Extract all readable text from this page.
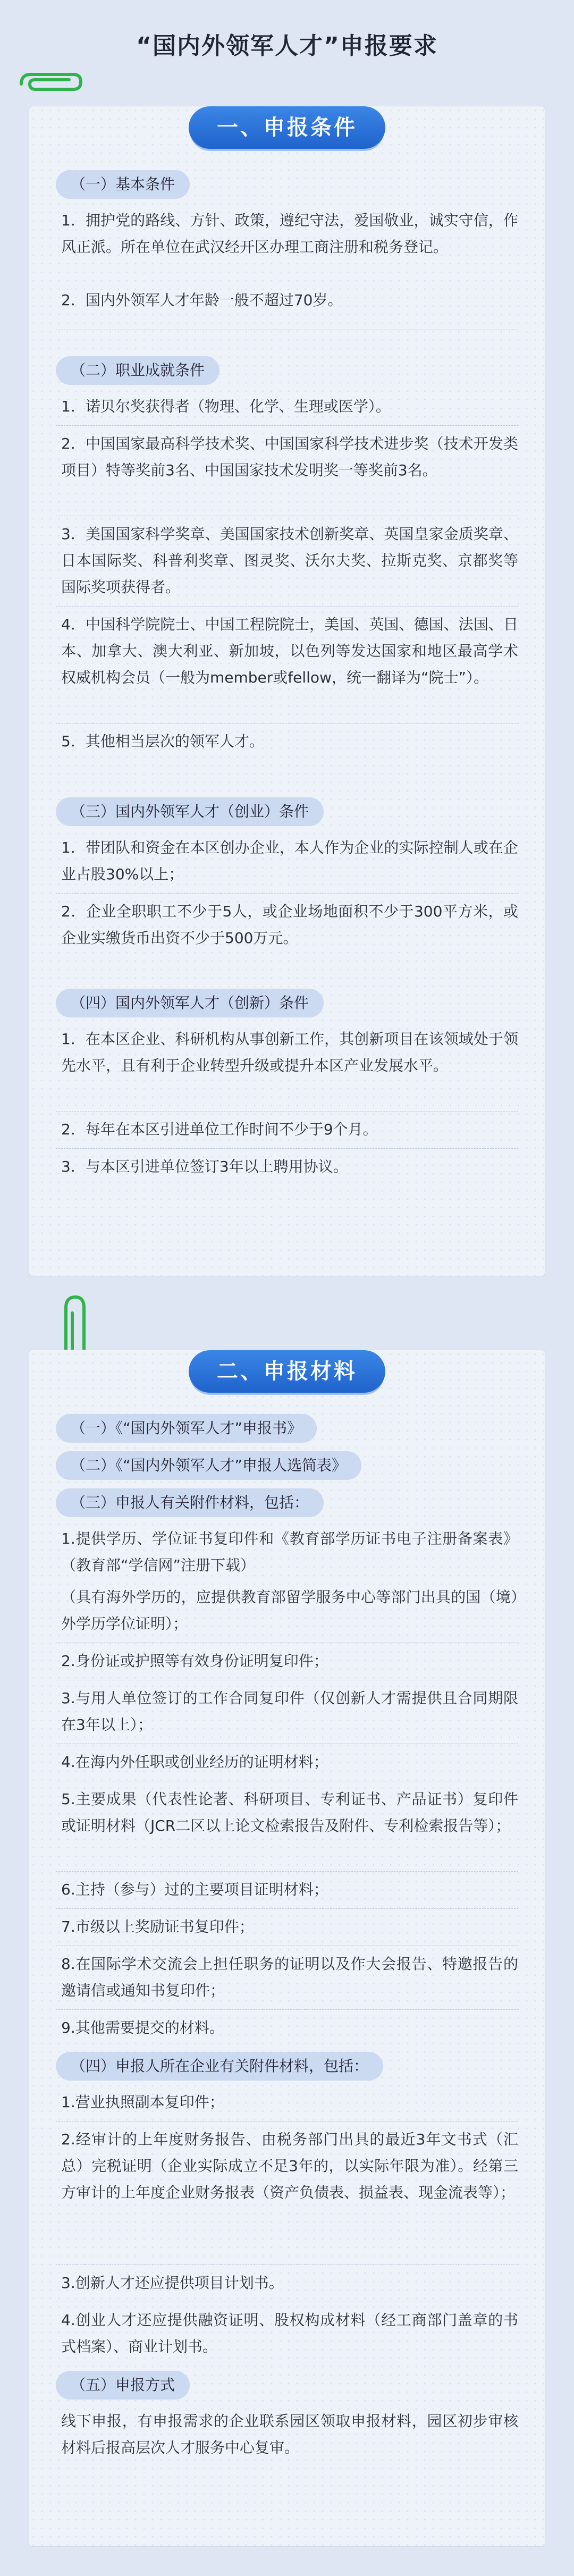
“国内外领军人才”申报要求
一、申报条件
（一）基本条件
1．拥护党的路线、方针、政策，遵纪守法，爱国敬业，诚实守信，作风正派。所在单位在武汉经开区办理工商注册和税务登记。
2．国内外领军人才年龄一般不超过70岁。
（二）职业成就条件
1．诺贝尔奖获得者（物理、化学、生理或医学）。
2．中国国家最高科学技术奖、中国国家科学技术进步奖（技术开发类项目）特等奖前3名、中国国家技术发明奖一等奖前3名。
3．美国国家科学奖章、美国国家技术创新奖章、英国皇家金质奖章、日本国际奖、科普利奖章、图灵奖、沃尔夫奖、拉斯克奖、京都奖等国际奖项获得者。
4．中国科学院院士、中国工程院院士，美国、英国、德国、法国、日本、加拿大、澳大利亚、新加坡，以色列等发达国家和地区最高学术权威机构会员（一般为member或fellow，统一翻译为“院士”）。
5．其他相当层次的领军人才。
（三）国内外领军人才（创业）条件
1．带团队和资金在本区创办企业，本人作为企业的实际控制人或在企业占股30%以上；
2．企业全职职工不少于5人，或企业场地面积不少于300平方米，或企业实缴货币出资不少于500万元。
（四）国内外领军人才（创新）条件
1．在本区企业、科研机构从事创新工作，其创新项目在该领域处于领先水平，且有利于企业转型升级或提升本区产业发展水平。
2．每年在本区引进单位工作时间不少于9个月。
3．与本区引进单位签订3年以上聘用协议。
二、申报材料
（一）《“国内外领军人才”申报书》
（二）《“国内外领军人才”申报人选简表》
（三）申报人有关附件材料，包括：
1.提供学历、学位证书复印件和《教育部学历证书电子注册备案表》（教育部“学信网”注册下载）
（具有海外学历的，应提供教育部留学服务中心等部门出具的国（境）外学历学位证明）；
2.身份证或护照等有效身份证明复印件；
3.与用人单位签订的工作合同复印件（仅创新人才需提供且合同期限在3年以上）；
4.在海内外任职或创业经历的证明材料；
5.主要成果（代表性论著、科研项目、专利证书、产品证书）复印件或证明材料（JCR二区以上论文检索报告及附件、专利检索报告等）；
6.主持（参与）过的主要项目证明材料；
7.市级以上奖励证书复印件；
8.在国际学术交流会上担任职务的证明以及作大会报告、特邀报告的邀请信或通知书复印件；
9.其他需要提交的材料。
（四）申报人所在企业有关附件材料，包括：
1.营业执照副本复印件；
2.经审计的上年度财务报告、由税务部门出具的最近3年文书式（汇总）完税证明（企业实际成立不足3年的，以实际年限为准）。经第三方审计的上年度企业财务报表（资产负债表、损益表、现金流表等）；
3.创新人才还应提供项目计划书。
4.创业人才还应提供融资证明、股权构成材料（经工商部门盖章的书式档案）、商业计划书。
（五）申报方式
线下申报，有申报需求的企业联系园区领取申报材料，园区初步审核材料后报高层次人才服务中心复审。
